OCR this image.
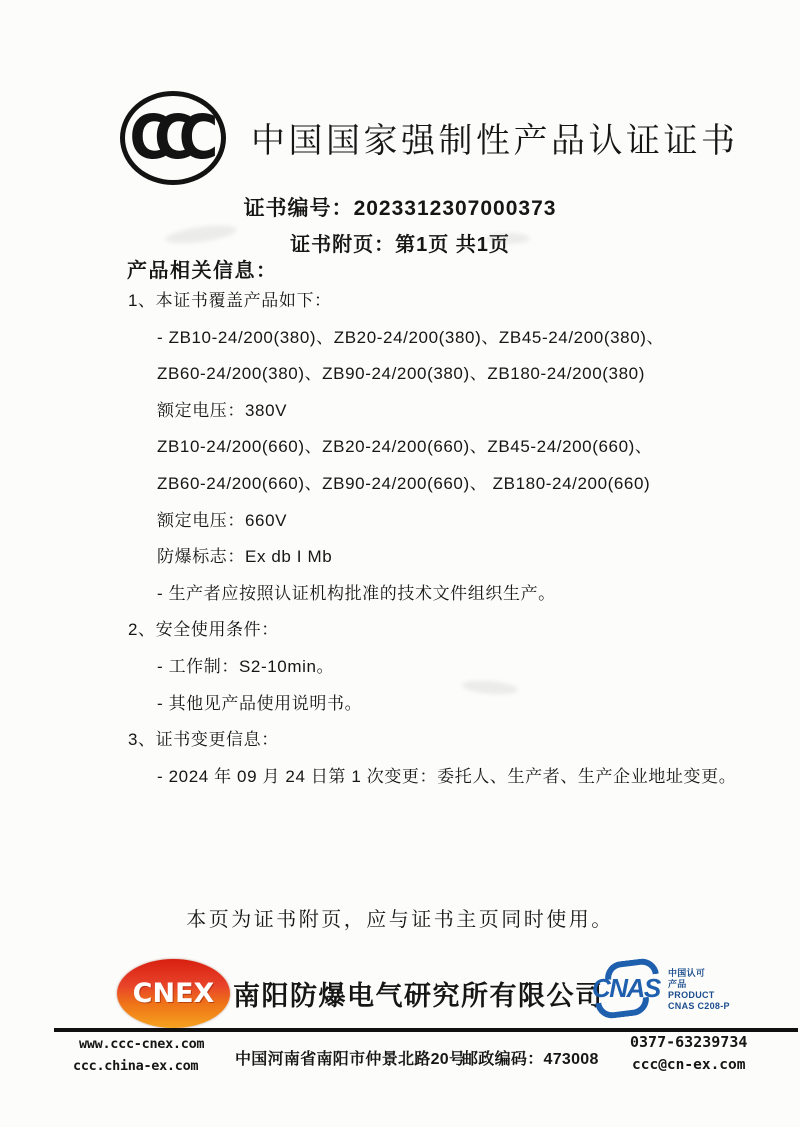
CCC	中国国家强制性产品认证证书
证书编号：2023312307000373
证书附页：第1页 共1页
产品相关信息：
1、本证书覆盖产品如下：
- ZB10-24/200(380)、ZB20-24/200(380)、ZB45-24/200(380)、
ZB60-24/200(380)、ZB90-24/200(380)、ZB180-24/200(380)
额定电压：380V
ZB10-24/200(660)、ZB20-24/200(660)、ZB45-24/200(660)、
ZB60-24/200(660)、ZB90-24/200(660)、 ZB180-24/200(660)
额定电压：660V
防爆标志：Ex db I Mb
- 生产者应按照认证机构批准的技术文件组织生产。
2、安全使用条件：
- 工作制：S2-10min。
- 其他见产品使用说明书。
3、证书变更信息：
- 2024 年 09 月 24 日第 1 次变更：委托人、生产者、生产企业地址变更。
本页为证书附页，应与证书主页同时使用。
CNEX 南阳防爆电气研究所有限公司
CNAS 中国认可
产品
PRODUCT
CNAS C208-P
www.ccc-cnex.com
ccc.china-ex.com 中国河南省南阳市仲景北路20号
邮政编码：473008
0377-63239734
ccc@cn-ex.com
